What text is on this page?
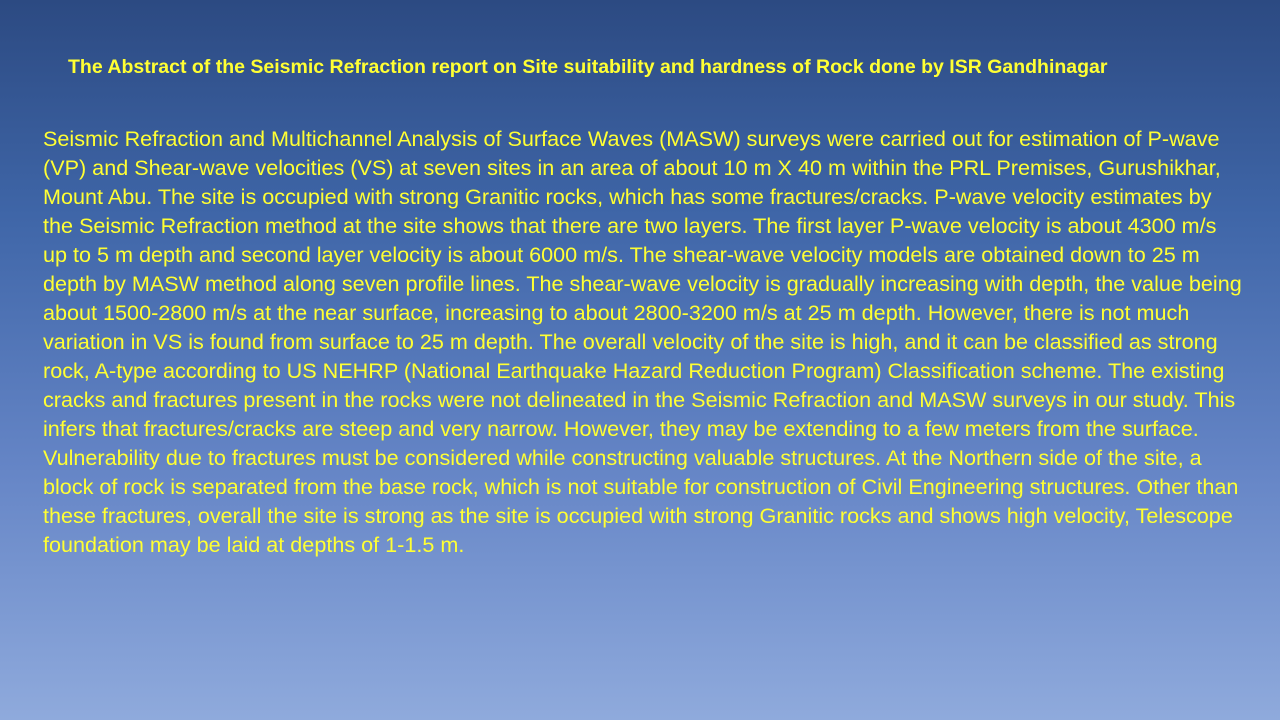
The Abstract of the Seismic Refraction report on Site suitability and hardness of Rock done by ISR Gandhinagar

Seismic Refraction and Multichannel Analysis of Surface Waves (MASW) surveys were carried out for estimation of P-wave (VP) and Shear-wave velocities (VS) at seven sites in an area of about 10 m X 40 m within the PRL Premises, Gurushikhar, Mount Abu. The site is occupied with strong Granitic rocks, which has some fractures/cracks. P-wave velocity estimates by the Seismic Refraction method at the site shows that there are two layers. The first layer P-wave velocity is about 4300 m/s up to 5 m depth and second layer velocity is about 6000 m/s. The shear-wave velocity models are obtained down to 25 m depth by MASW method along seven profile lines. The shear-wave velocity is gradually increasing with depth, the value being about 1500-2800 m/s at the near surface, increasing to about 2800-3200 m/s at 25 m depth. However, there is not much variation in VS is found from surface to 25 m depth. The overall velocity of the site is high, and it can be classified as strong rock, A-type according to US NEHRP (National Earthquake Hazard Reduction Program) Classification scheme. The existing cracks and fractures present in the rocks were not delineated in the Seismic Refraction and MASW surveys in our study. This infers that fractures/cracks are steep and very narrow. However, they may be extending to a few meters from the surface. Vulnerability due to fractures must be considered while constructing valuable structures. At the Northern side of the site, a block of rock is separated from the base rock, which is not suitable for construction of Civil Engineering structures. Other than these fractures, overall the site is strong as the site is occupied with strong Granitic rocks and shows high velocity, Telescope foundation may be laid at depths of 1-1.5 m.
